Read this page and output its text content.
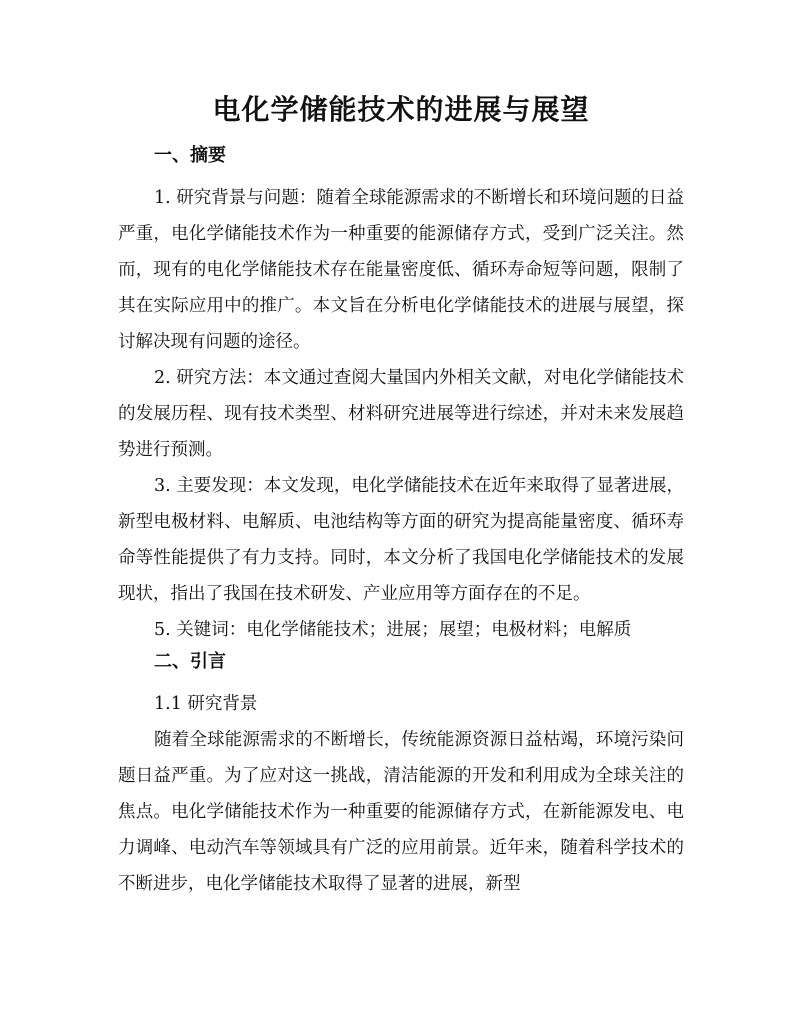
电化学储能技术的进展与展望
一、摘要

1. 研究背景与问题：随着全球能源需求的不断增长和环境问题的日益严重，电化学储能技术作为一种重要的能源储存方式，受到广泛关注。然而，现有的电化学储能技术存在能量密度低、循环寿命短等问题，限制了其在实际应用中的推广。本文旨在分析电化学储能技术的进展与展望，探讨解决现有问题的途径。

2. 研究方法：本文通过查阅大量国内外相关文献，对电化学储能技术的发展历程、现有技术类型、材料研究进展等进行综述，并对未来发展趋势进行预测。

3. 主要发现：本文发现，电化学储能技术在近年来取得了显著进展，新型电极材料、电解质、电池结构等方面的研究为提高能量密度、循环寿命等性能提供了有力支持。同时，本文分析了我国电化学储能技术的发展现状，指出了我国在技术研发、产业应用等方面存在的不足。

5. 关键词：电化学储能技术；进展；展望；电极材料；电解质

二、引言

1.1 研究背景

随着全球能源需求的不断增长，传统能源资源日益枯竭，环境污染问题日益严重。为了应对这一挑战，清洁能源的开发和利用成为全球关注的焦点。电化学储能技术作为一种重要的能源储存方式，在新能源发电、电力调峰、电动汽车等领域具有广泛的应用前景。近年来，随着科学技术的不断进步，电化学储能技术取得了显著的进展，新型
